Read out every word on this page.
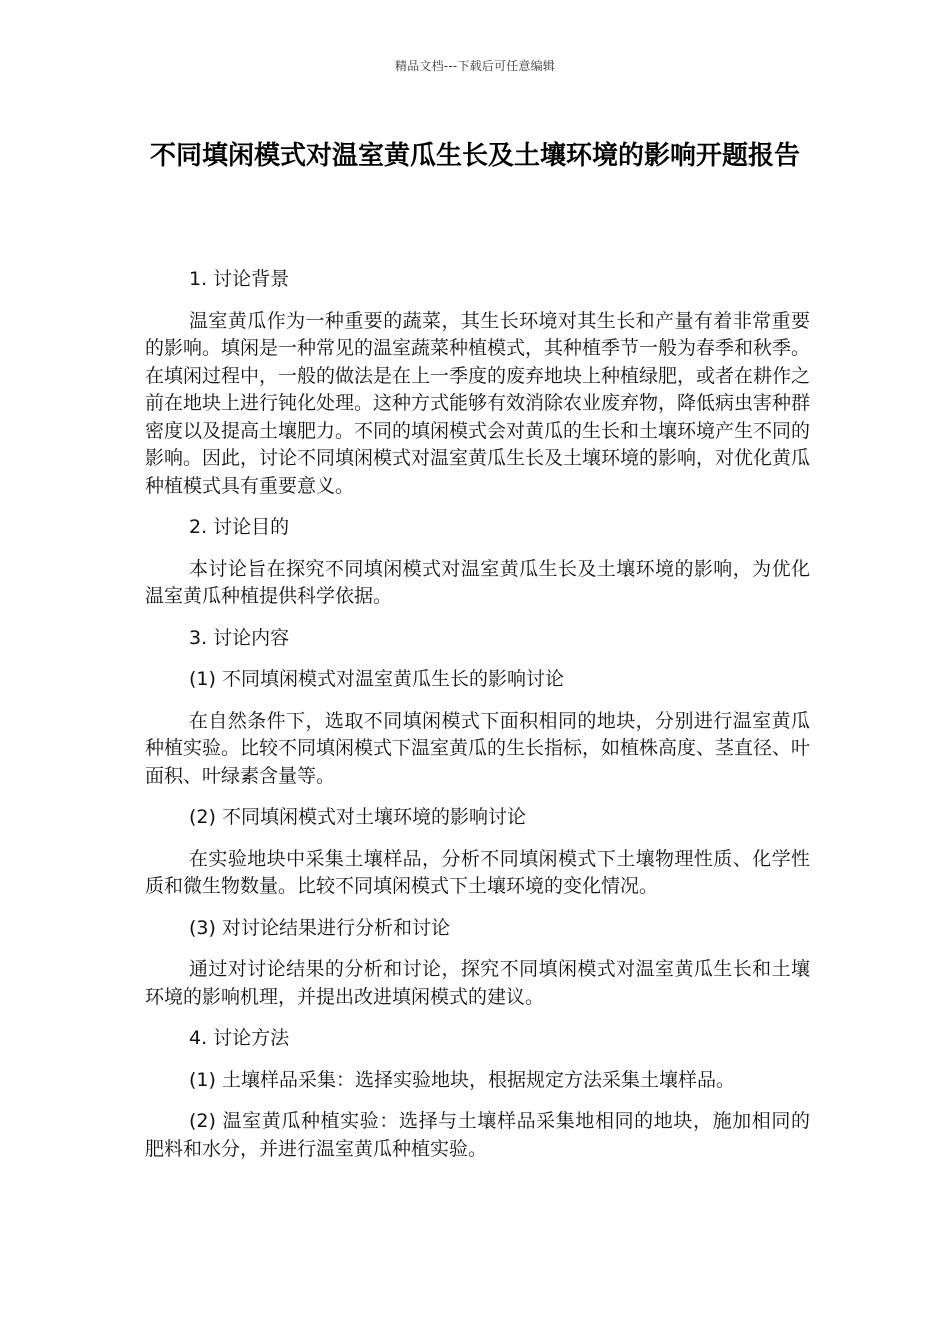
精品文档---下载后可任意编辑
不同填闲模式对温室黄瓜生长及土壤环境的影响开题报告

1. 讨论背景

温室黄瓜作为一种重要的蔬菜，其生长环境对其生长和产量有着非常重要的影响。填闲是一种常见的温室蔬菜种植模式，其种植季节一般为春季和秋季。在填闲过程中，一般的做法是在上一季度的废弃地块上种植绿肥，或者在耕作之前在地块上进行钝化处理。这种方式能够有效消除农业废弃物，降低病虫害种群密度以及提高土壤肥力。不同的填闲模式会对黄瓜的生长和土壤环境产生不同的影响。因此，讨论不同填闲模式对温室黄瓜生长及土壤环境的影响，对优化黄瓜种植模式具有重要意义。

2. 讨论目的

本讨论旨在探究不同填闲模式对温室黄瓜生长及土壤环境的影响，为优化温室黄瓜种植提供科学依据。

3. 讨论内容

(1) 不同填闲模式对温室黄瓜生长的影响讨论

在自然条件下，选取不同填闲模式下面积相同的地块，分别进行温室黄瓜种植实验。比较不同填闲模式下温室黄瓜的生长指标，如植株高度、茎直径、叶面积、叶绿素含量等。

(2) 不同填闲模式对土壤环境的影响讨论

在实验地块中采集土壤样品，分析不同填闲模式下土壤物理性质、化学性质和微生物数量。比较不同填闲模式下土壤环境的变化情况。

(3) 对讨论结果进行分析和讨论

通过对讨论结果的分析和讨论，探究不同填闲模式对温室黄瓜生长和土壤环境的影响机理，并提出改进填闲模式的建议。

4. 讨论方法

(1) 土壤样品采集：选择实验地块，根据规定方法采集土壤样品。

(2) 温室黄瓜种植实验：选择与土壤样品采集地相同的地块，施加相同的肥料和水分，并进行温室黄瓜种植实验。
